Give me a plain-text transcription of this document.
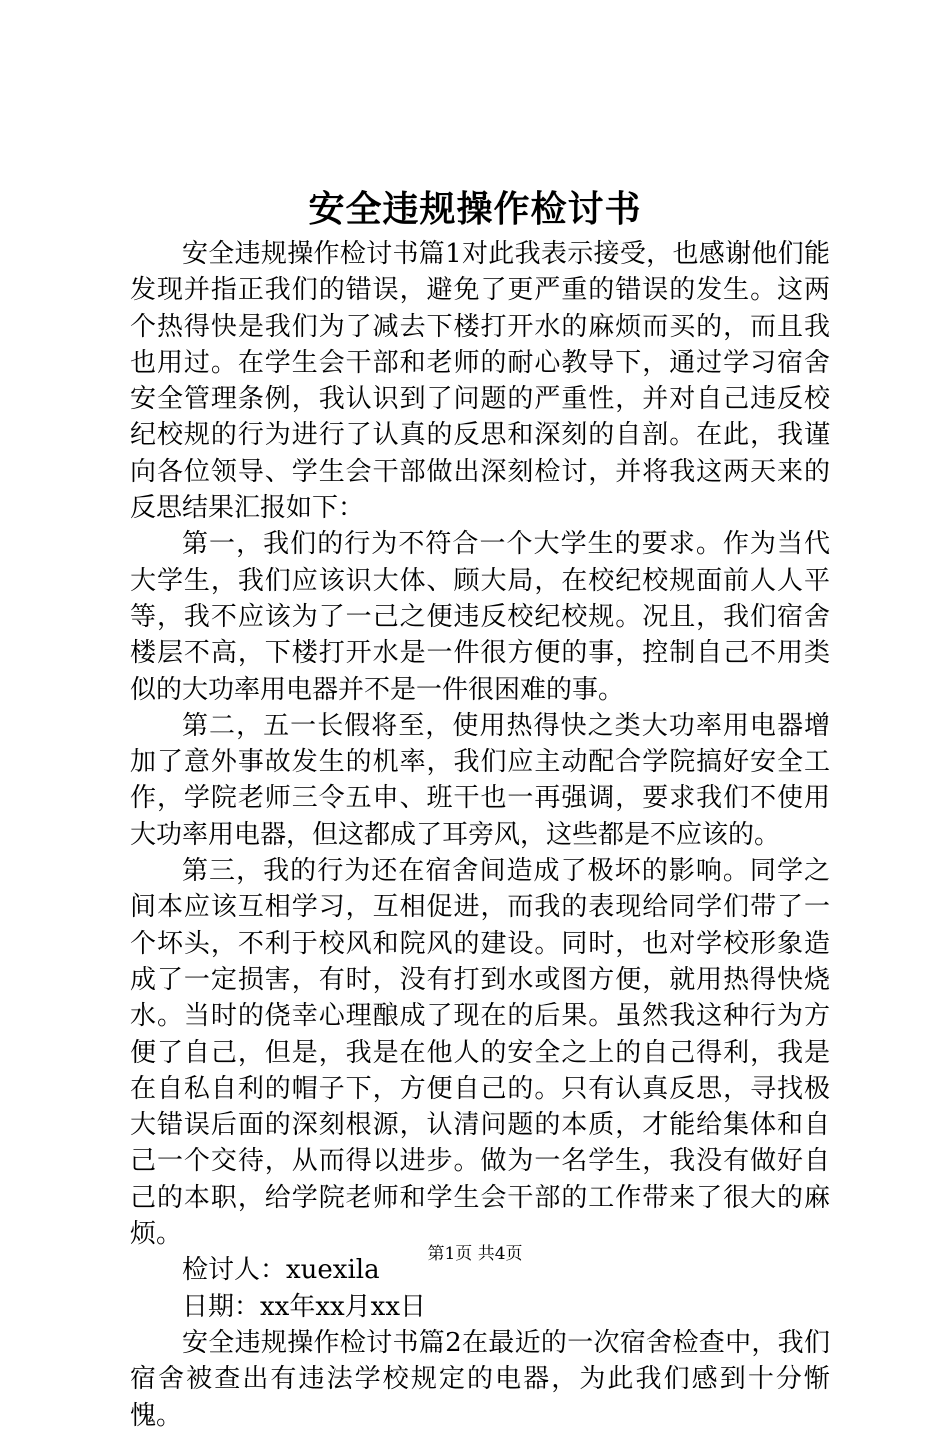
安全违规操作检讨书

安全违规操作检讨书篇1对此我表示接受，也感谢他们能发现并指正我们的错误，避免了更严重的错误的发生。这两个热得快是我们为了减去下楼打开水的麻烦而买的，而且我也用过。在学生会干部和老师的耐心教导下，通过学习宿舍安全管理条例，我认识到了问题的严重性，并对自己违反校纪校规的行为进行了认真的反思和深刻的自剖。在此，我谨向各位领导、学生会干部做出深刻检讨，并将我这两天来的反思结果汇报如下：

第一，我们的行为不符合一个大学生的要求。作为当代大学生，我们应该识大体、顾大局，在校纪校规面前人人平等，我不应该为了一己之便违反校纪校规。况且，我们宿舍楼层不高，下楼打开水是一件很方便的事，控制自己不用类似的大功率用电器并不是一件很困难的事。

第二，五一长假将至，使用热得快之类大功率用电器增加了意外事故发生的机率，我们应主动配合学院搞好安全工作，学院老师三令五申、班干也一再强调，要求我们不使用大功率用电器，但这都成了耳旁风，这些都是不应该的。

第三，我的行为还在宿舍间造成了极坏的影响。同学之间本应该互相学习，互相促进，而我的表现给同学们带了一个坏头，不利于校风和院风的建设。同时，也对学校形象造成了一定损害，有时，没有打到水或图方便，就用热得快烧水。当时的侥幸心理酿成了现在的后果。虽然我这种行为方便了自己，但是，我是在他人的安全之上的自己得利，我是在自私自利的帽子下，方便自己的。只有认真反思，寻找极大错误后面的深刻根源，认清问题的本质，才能给集体和自己一个交待，从而得以进步。做为一名学生，我没有做好自己的本职，给学院老师和学生会干部的工作带来了很大的麻烦。

检讨人：xuexila

日期：xx年xx月xx日

安全违规操作检讨书篇2在最近的一次宿舍检查中，我们宿舍被查出有违法学校规定的电器，为此我们感到十分惭愧。

第1页 共4页
